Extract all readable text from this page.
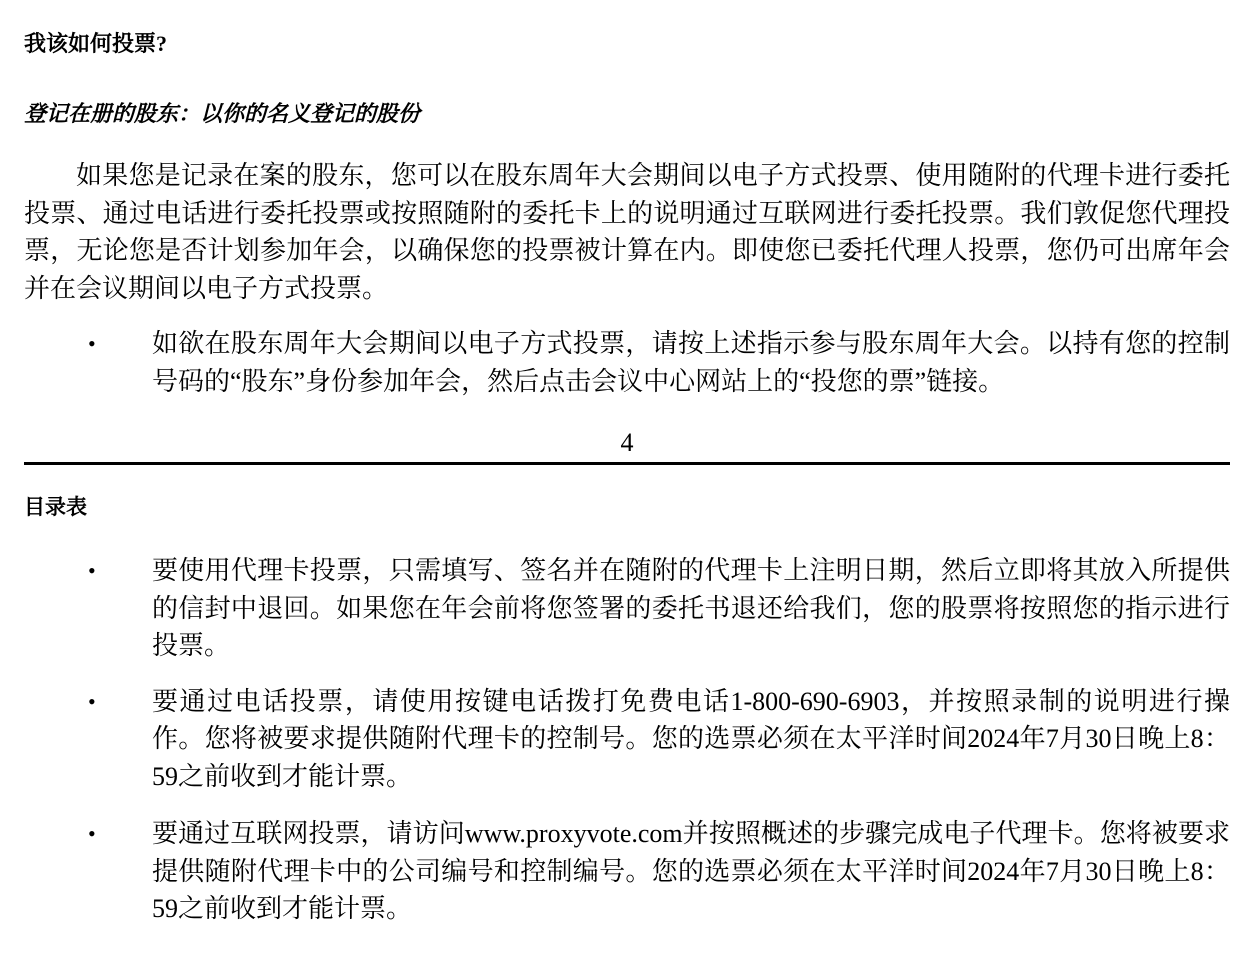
LONGPORT
我该如何投票?
登记在册的股东：以你的名义登记的股份

如果您是记录在案的股东，您可以在股东周年大会期间以电子方式投票、使用随附的代理卡进行委托投票、通过电话进行委托投票或按照随附的委托卡上的说明通过互联网进行委托投票。我们敦促您代理投票，无论您是否计划参加年会，以确保您的投票被计算在内。即使您已委托代理人投票，您仍可出席年会并在会议期间以电子方式投票。

•	如欲在股东周年大会期间以电子方式投票，请按上述指示参与股东周年大会。以持有您的控制号码的“股东”身份参加年会，然后点击会议中心网站上的“投您的票”链接。
4
目录表
•	要使用代理卡投票，只需填写、签名并在随附的代理卡上注明日期，然后立即将其放入所提供的信封中退回。如果您在年会前将您签署的委托书退还给我们，您的股票将按照您的指示进行投票。
•	要通过电话投票，请使用按键电话拨打免费电话1-800-690-6903，并按照录制的说明进行操作。您将被要求提供随附代理卡的控制号。您的选票必须在太平洋时间2024年7月30日晚上8：59之前收到才能计票。
•	要通过互联网投票，请访问www.proxyvote.com并按照概述的步骤完成电子代理卡。您将被要求提供随附代理卡中的公司编号和控制编号。您的选票必须在太平洋时间2024年7月30日晚上8：59之前收到才能计票。
